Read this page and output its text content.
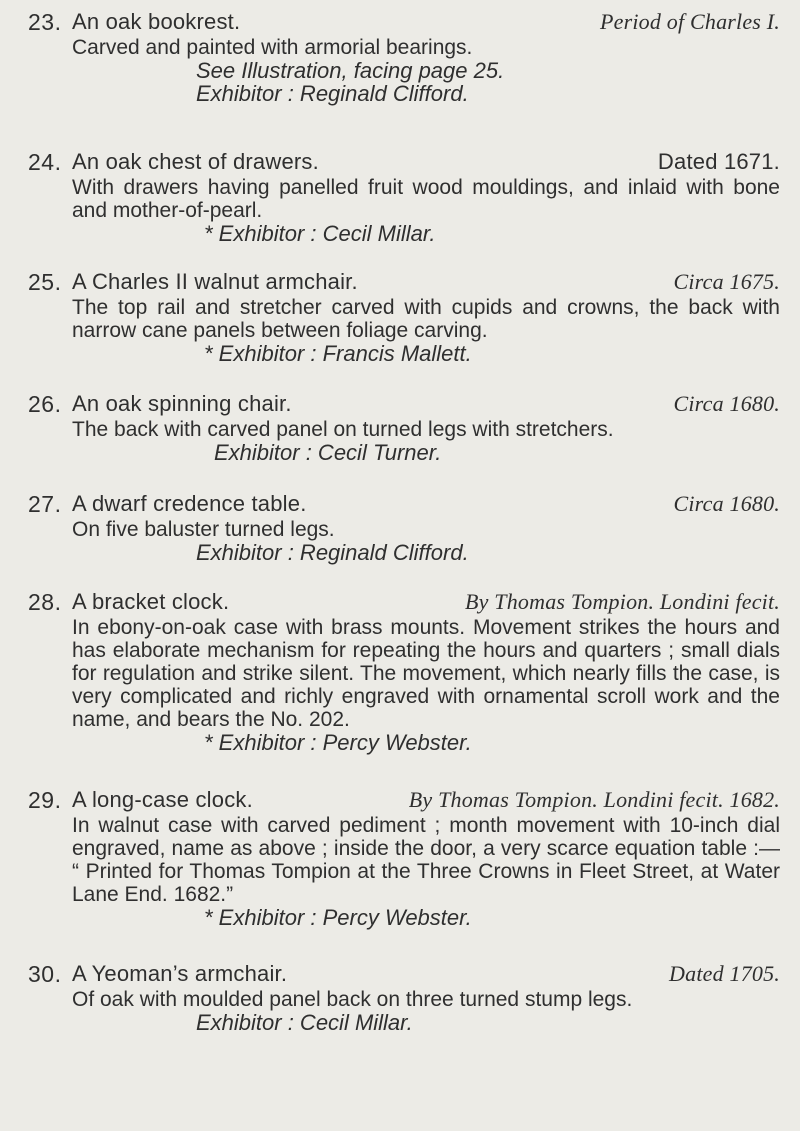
23. An oak bookrest.	Period of Charles I.
Carved and painted with armorial bearings.
See Illustration, facing page 25.
Exhibitor : Reginald Clifford.
24. An oak chest of drawers.	Dated 1671.
With drawers having panelled fruit wood mouldings, and inlaid with bone and mother-of-pearl.
* Exhibitor : Cecil Millar.
25. A Charles II walnut armchair.	Circa 1675.
The top rail and stretcher carved with cupids and crowns, the back with narrow cane panels between foliage carving.
* Exhibitor : Francis Mallett.
26. An oak spinning chair.	Circa 1680.
The back with carved panel on turned legs with stretchers.
Exhibitor : Cecil Turner.
27. A dwarf credence table.	Circa 1680.
On five baluster turned legs.
Exhibitor : Reginald Clifford.
28. A bracket clock.	By Thomas Tompion. Londini fecit.
In ebony-on-oak case with brass mounts. Movement strikes the hours and has elaborate mechanism for repeating the hours and quarters ; small dials for regulation and strike silent. The movement, which nearly fills the case, is very complicated and richly engraved with ornamental scroll work and the name, and bears the No. 202.
* Exhibitor : Percy Webster.
29. A long-case clock.	By Thomas Tompion. Londini fecit. 1682.
In walnut case with carved pediment ; month movement with 10-inch dial engraved, name as above ; inside the door, a very scarce equation table :— “ Printed for Thomas Tompion at the Three Crowns in Fleet Street, at Water Lane End. 1682.”
* Exhibitor : Percy Webster.
30. A Yeoman’s armchair.	Dated 1705.
Of oak with moulded panel back on three turned stump legs.
Exhibitor : Cecil Millar.
